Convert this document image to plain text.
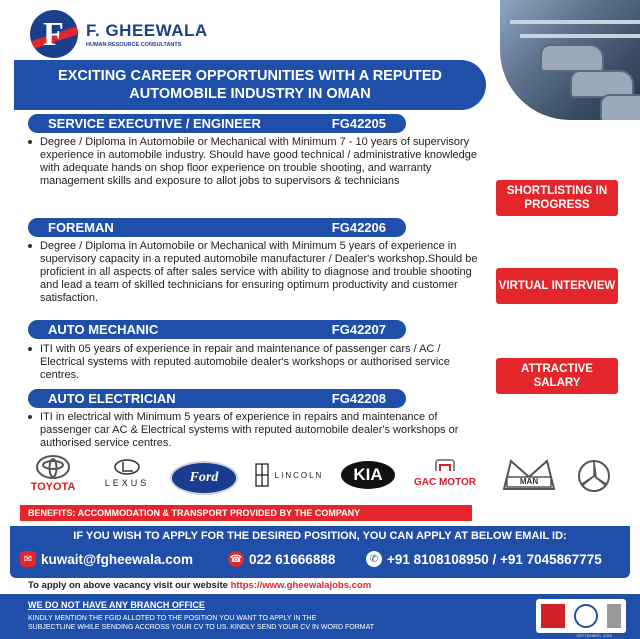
F F. GHEEWALA
HUMAN RESOURCE CONSULTANTS
EXCITING CAREER OPPORTUNITIES WITH A REPUTED
AUTOMOBILE INDUSTRY IN OMAN
SERVICE EXECUTIVE / ENGINEER	FG42205
Degree / Diploma in Automobile or Mechanical with Minimum 7 - 10 years of supervisory experience in automobile industry. Should have good technical / administrative knowledge with adequate hands on shop floor experience on trouble shooting, and warranty management skills and exposure to allot jobs to supervisors & technicians
FOREMAN	FG42206
Degree / Diploma in Automobile or Mechanical with Minimum 5 years of experience in supervisory capacity in a reputed automobile manufacturer / Dealer's workshop.Should be proficient in all aspects of after sales service with ability to diagnose and trouble shooting and lead a team of skilled technicians for ensuring optimum productivity and customer satisfaction.
AUTO MECHANIC	FG42207
ITI with 05 years of experience in repair and maintenance of passenger cars / AC / Electrical systems with reputed automobile dealer's workshops or authorised service centres.
AUTO ELECTRICIAN	FG42208
ITI in electrical with Minimum 5 years of experience in repairs and maintenance of passenger car AC & Electrical systems with reputed automobile dealer's workshops or authorised service centres.
SHORTLISTING IN PROGRESS
VIRTUAL INTERVIEW
ATTRACTIVE SALARY
TOYOTA	LEXUS	Ford	LINCOLN	KIA	GAC MOTOR	MAN
BENEFITS: ACCOMMODATION & TRANSPORT PROVIDED BY THE COMPANY
IF YOU WISH TO APPLY FOR THE DESIRED POSITION, YOU CAN APPLY AT BELOW EMAIL ID:
✉ kuwait@fgheewala.com	☎ 022 61666888	✆ +91 8108108950 / +91 7045867775
To apply on above vacancy visit our website https://www.gheewalajobs.com
WE DO NOT HAVE ANY BRANCH OFFICE
KINDLY MENTION THE FGID ALLOTED TO THE POSITION YOU WANT TO APPLY IN THE
SUBJECTLINE WHILE SENDING ACCROSS YOUR CV TO US. KINDLY SEND YOUR CV IN WORD FORMAT
SEPTEMBER, 2023
